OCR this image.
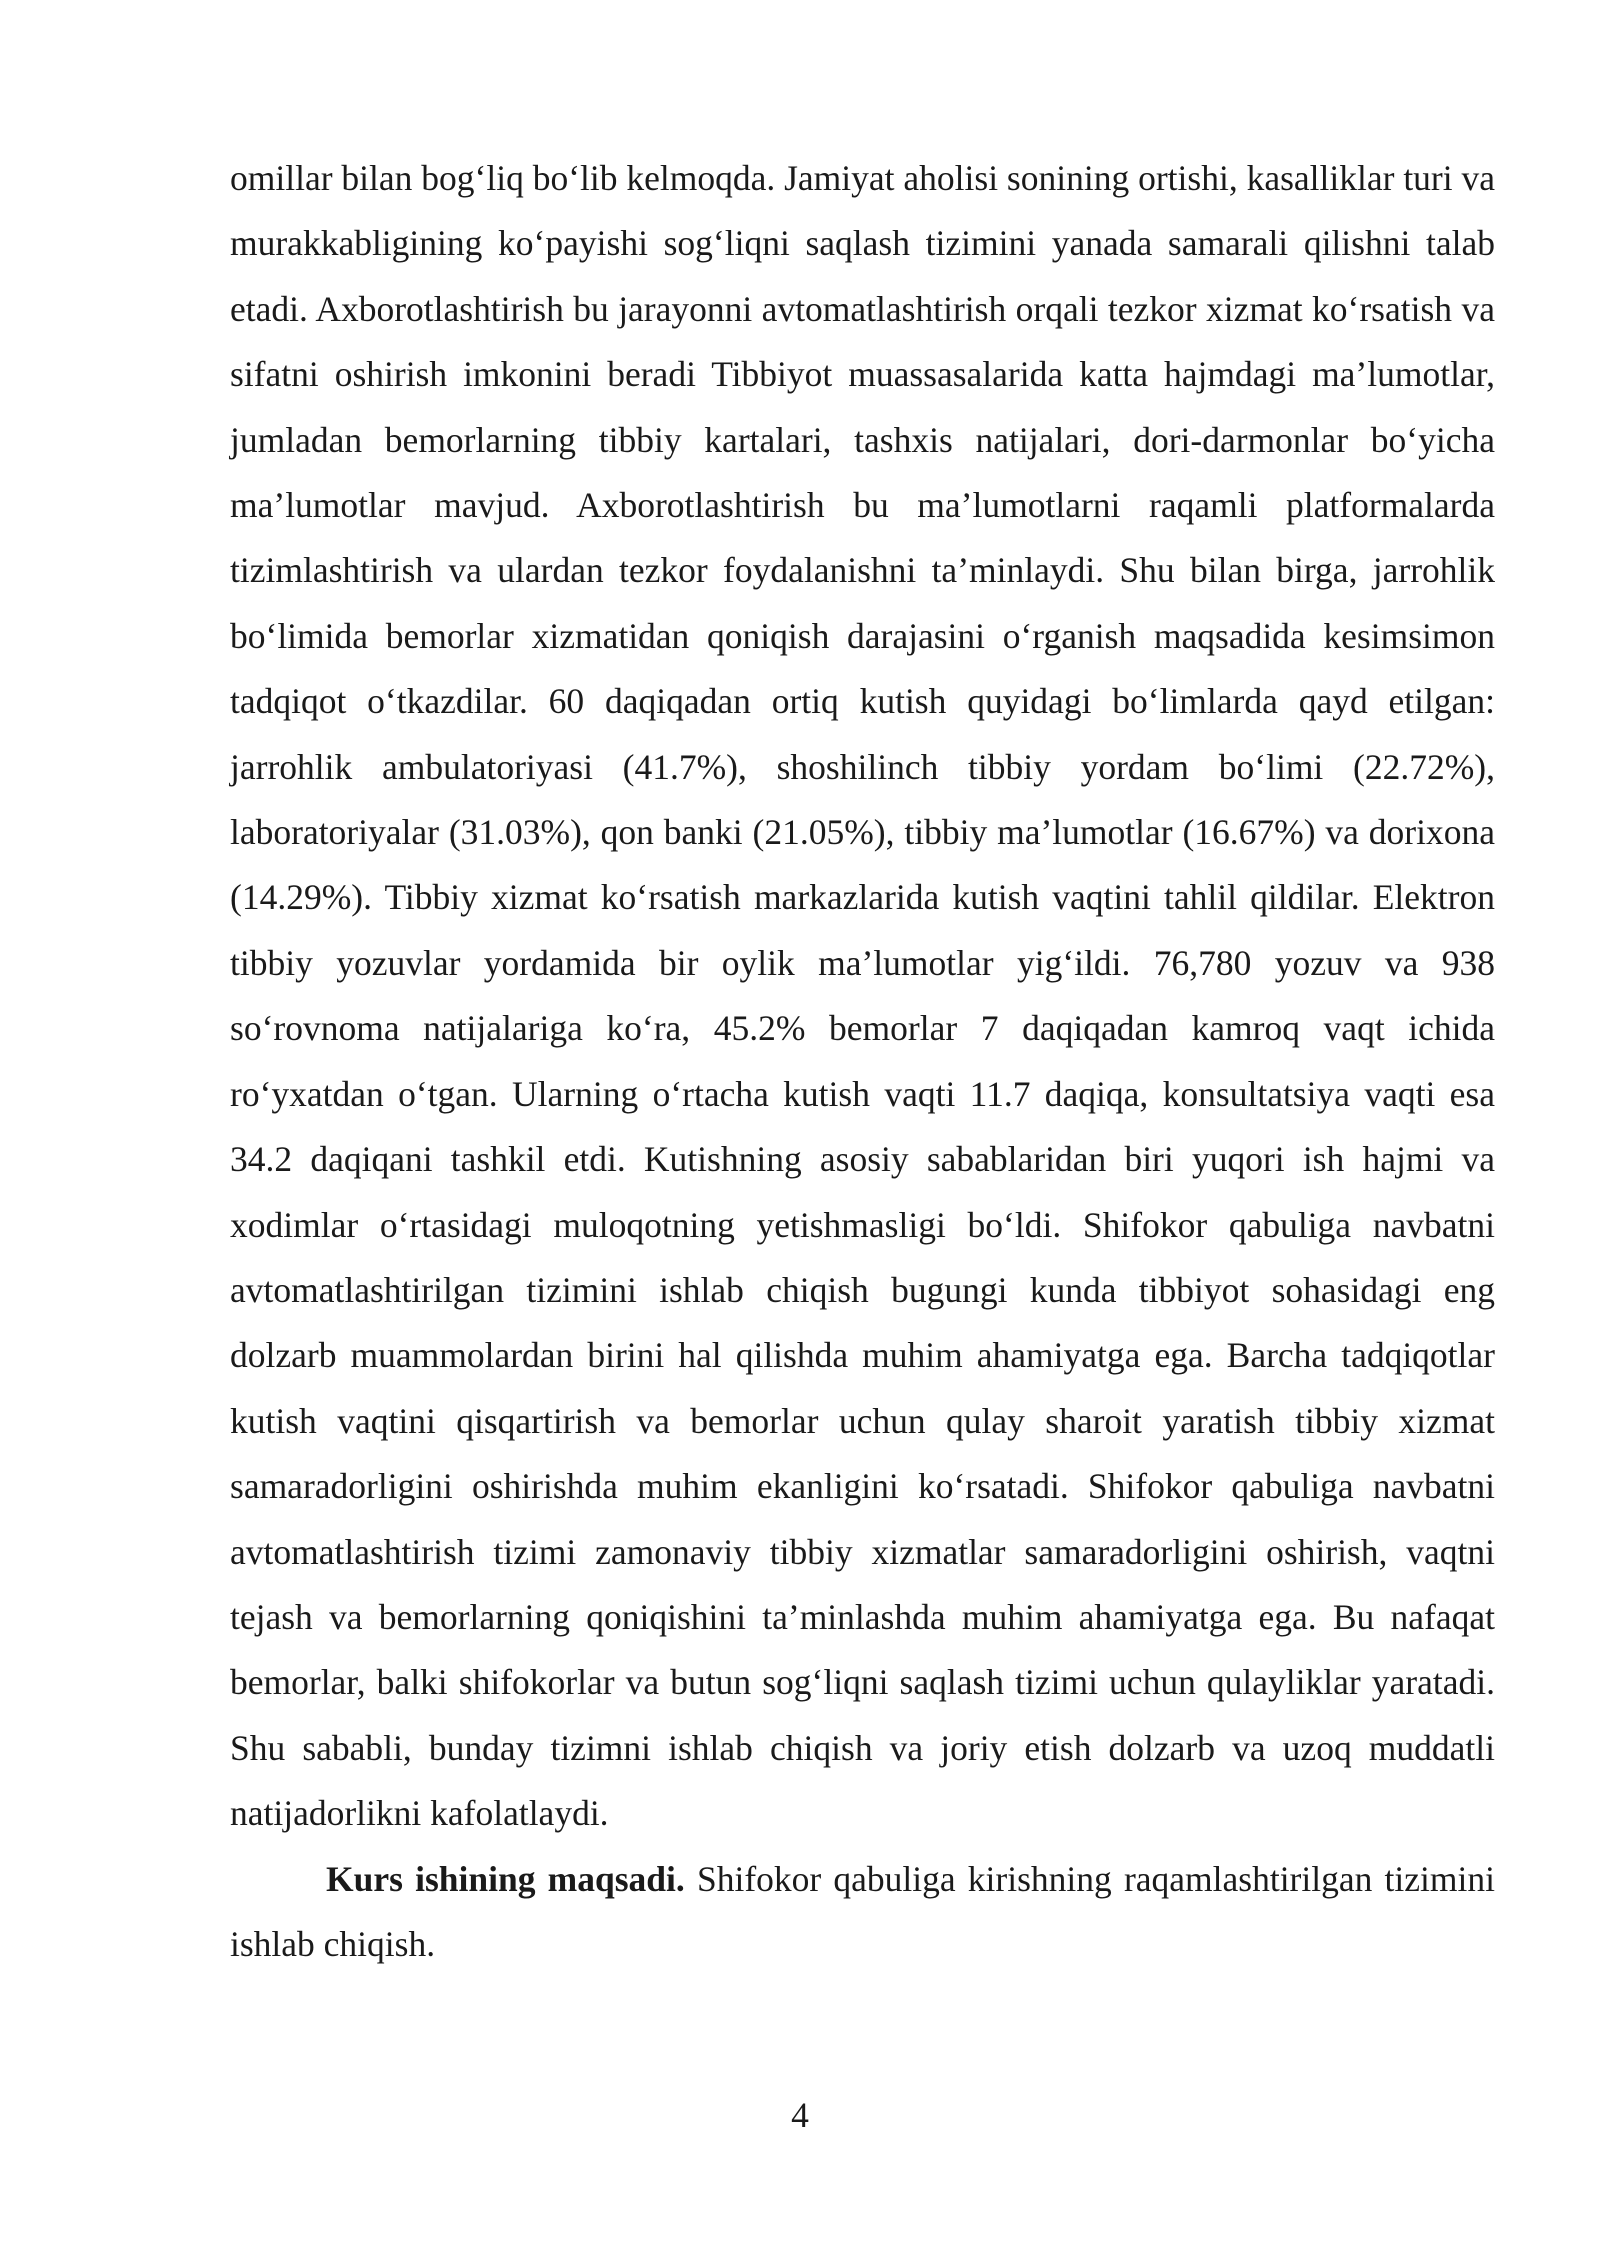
omillar bilan bog‘liq bo‘lib kelmoqda. Jamiyat aholisi sonining ortishi, kasalliklar turi va murakkabligining ko‘payishi sog‘liqni saqlash tizimini yanada samarali qilishni talab etadi. Axborotlashtirish bu jarayonni avtomatlashtirish orqali tezkor xizmat ko‘rsatish va sifatni oshirish imkonini beradi Tibbiyot muassasalarida katta hajmdagi ma’lumotlar, jumladan bemorlarning tibbiy kartalari, tashxis natijalari, dori-darmonlar bo‘yicha ma’lumotlar mavjud. Axborotlashtirish bu ma’lumotlarni raqamli platformalarda tizimlashtirish va ulardan tezkor foydalanishni ta’minlaydi. Shu bilan birga, jarrohlik bo‘limida bemorlar xizmatidan qoniqish darajasini o‘rganish maqsadida kesimsimon tadqiqot o‘tkazdilar. 60 daqiqadan ortiq kutish quyidagi bo‘limlarda qayd etilgan: jarrohlik ambulatoriyasi (41.7%), shoshilinch tibbiy yordam bo‘limi (22.72%), laboratoriyalar (31.03%), qon banki (21.05%), tibbiy ma’lumotlar (16.67%) va dorixona (14.29%). Tibbiy xizmat ko‘rsatish markazlarida kutish vaqtini tahlil qildilar. Elektron tibbiy yozuvlar yordamida bir oylik ma’lumotlar yig‘ildi. 76,780 yozuv va 938 so‘rovnoma natijalariga ko‘ra, 45.2% bemorlar 7 daqiqadan kamroq vaqt ichida ro‘yxatdan o‘tgan. Ularning o‘rtacha kutish vaqti 11.7 daqiqa, konsultatsiya vaqti esa 34.2 daqiqani tashkil etdi. Kutishning asosiy sabablaridan biri yuqori ish hajmi va xodimlar o‘rtasidagi muloqotning yetishmasligi bo‘ldi. Shifokor qabuliga navbatni avtomatlashtirilgan tizimini ishlab chiqish bugungi kunda tibbiyot sohasidagi eng dolzarb muammolardan birini hal qilishda muhim ahamiyatga ega. Barcha tadqiqotlar kutish vaqtini qisqartirish va bemorlar uchun qulay sharoit yaratish tibbiy xizmat samaradorligini oshirishda muhim ekanligini ko‘rsatadi. Shifokor qabuliga navbatni avtomatlashtirish tizimi zamonaviy tibbiy xizmatlar samaradorligini oshirish, vaqtni tejash va bemorlarning qoniqishini ta’minlashda muhim ahamiyatga ega. Bu nafaqat bemorlar, balki shifokorlar va butun sog‘liqni saqlash tizimi uchun qulayliklar yaratadi. Shu sababli, bunday tizimni ishlab chiqish va joriy etish dolzarb va uzoq muddatli natijadorlikni kafolatlaydi.

Kurs ishining maqsadi. Shifokor qabuliga kirishning raqamlashtirilgan tizimini ishlab chiqish.

4
